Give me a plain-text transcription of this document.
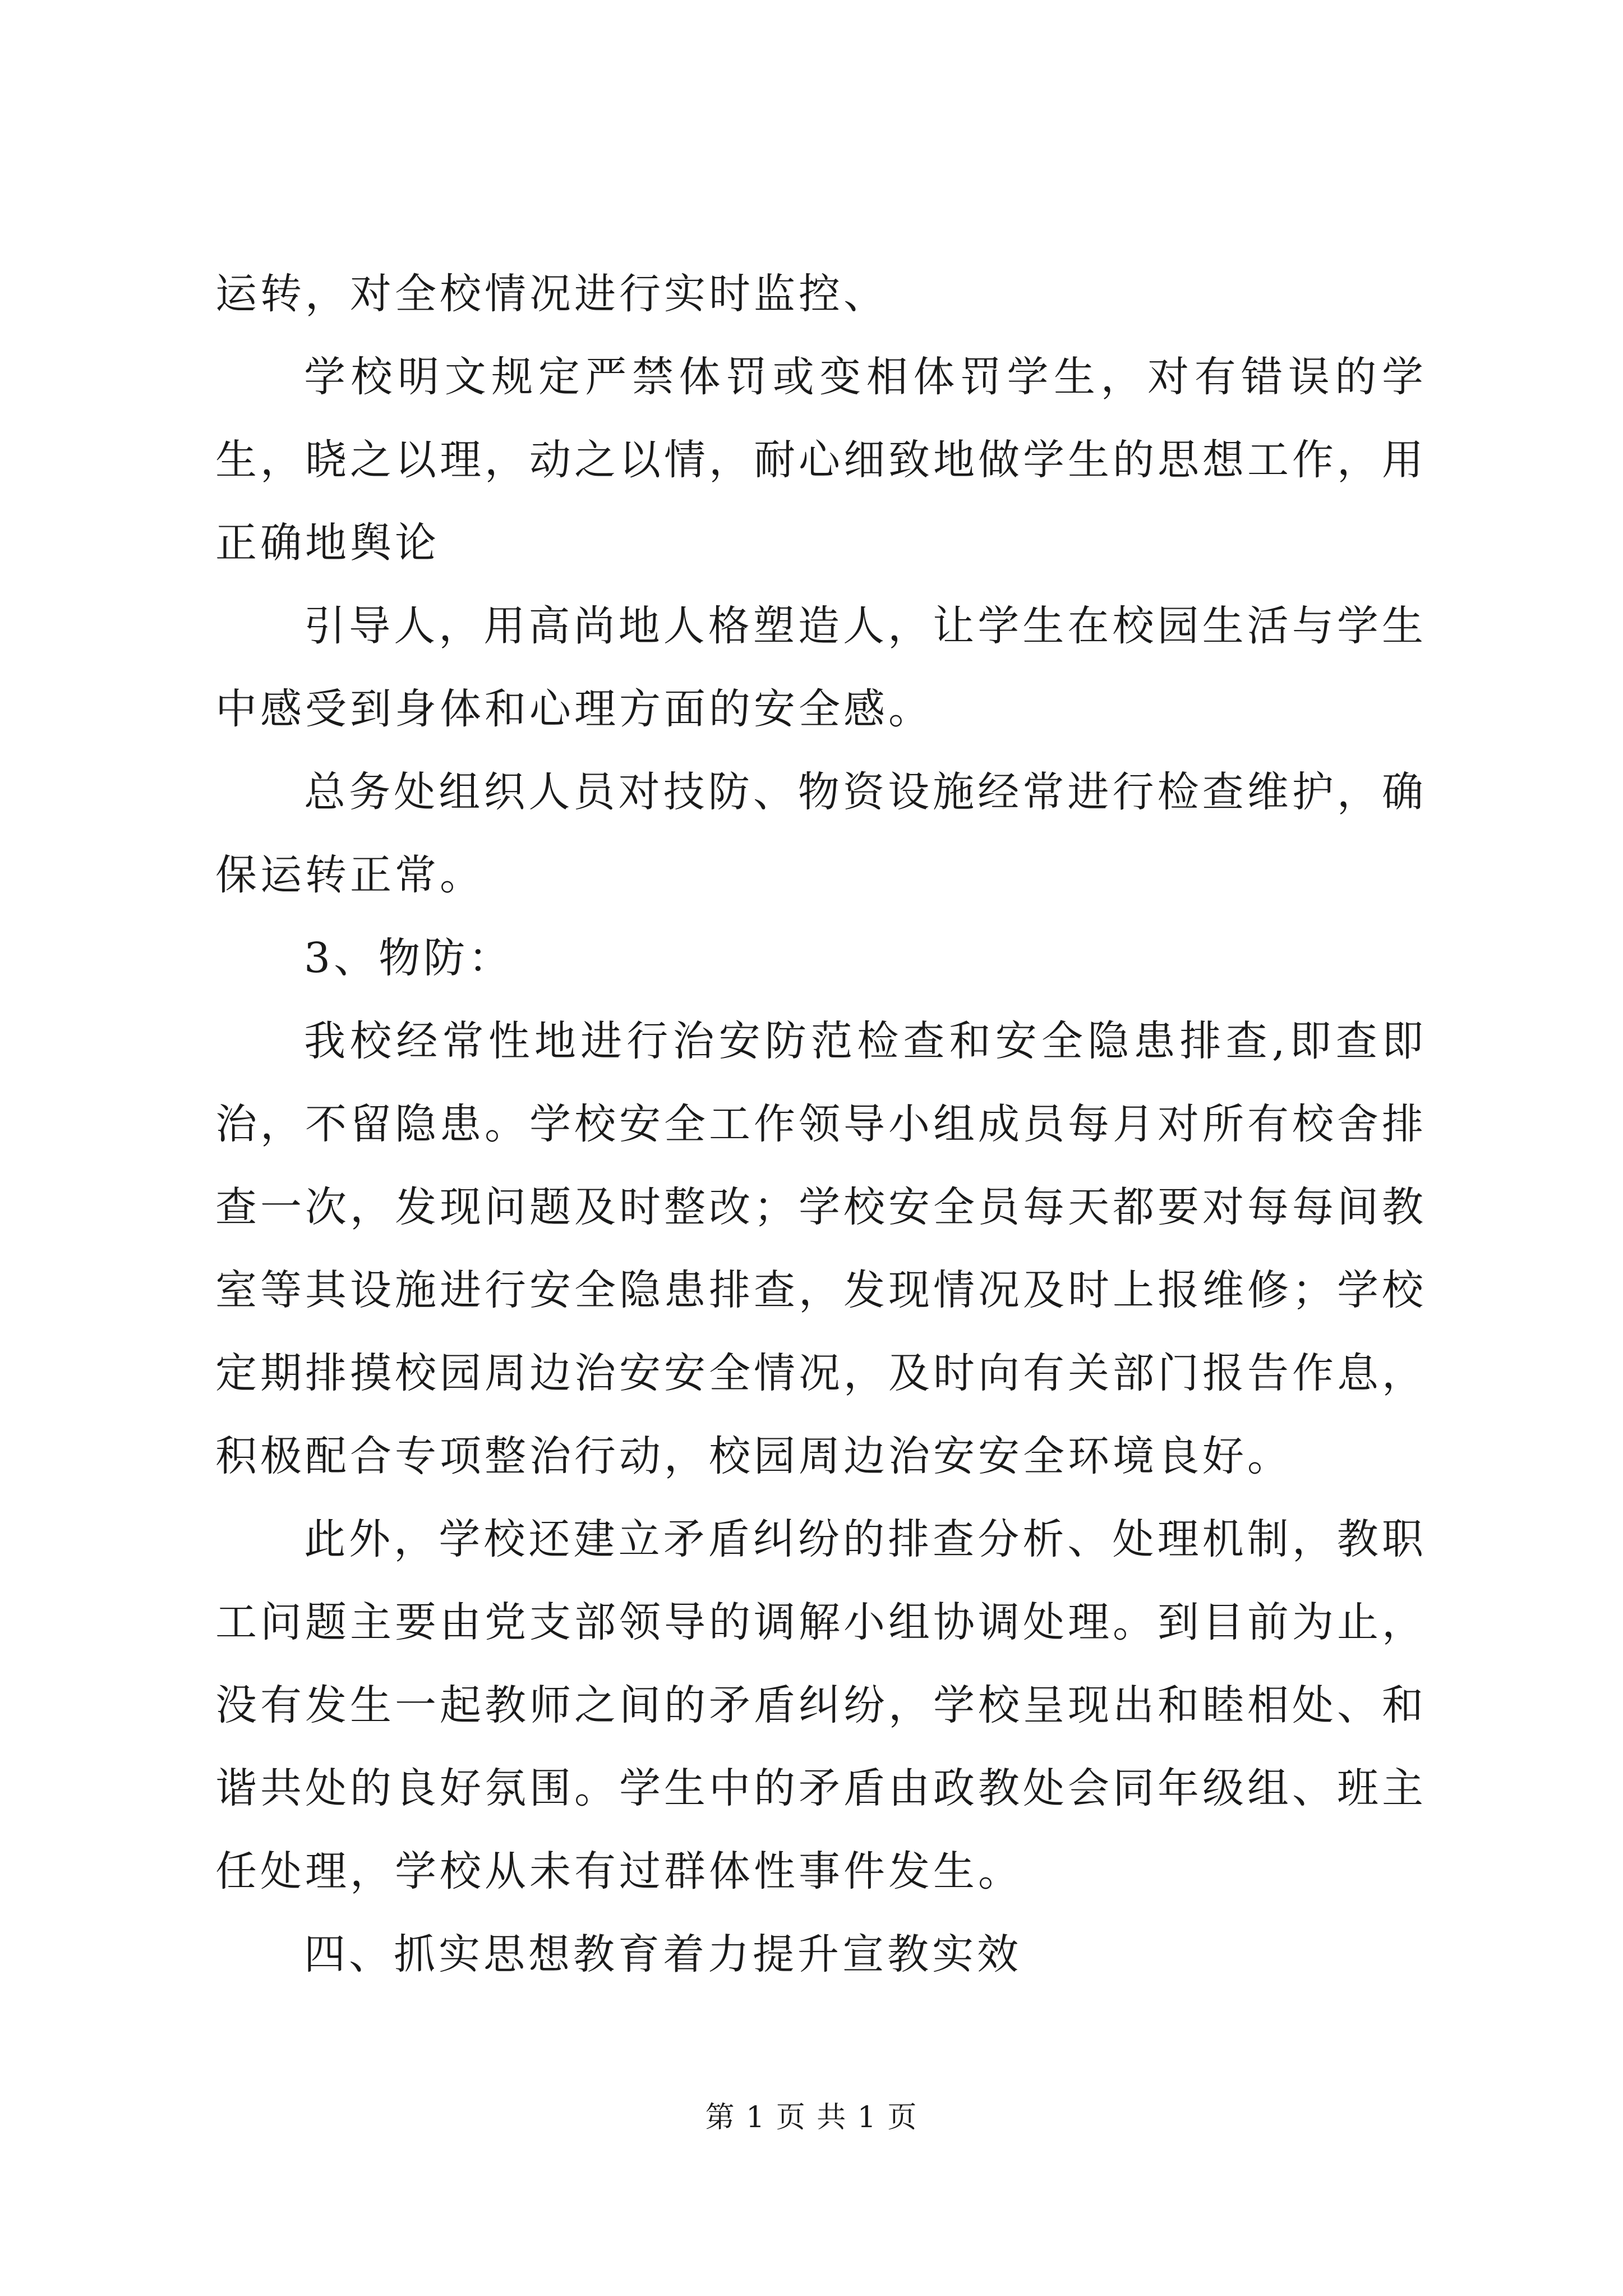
运转，对全校情况进行实时监控、

学校明文规定严禁体罚或变相体罚学生，对有错误的学生，晓之以理，动之以情，耐心细致地做学生的思想工作，用正确地舆论

引导人，用高尚地人格塑造人，让学生在校园生活与学生中感受到身体和心理方面的安全感。

总务处组织人员对技防、物资设施经常进行检查维护，确保运转正常。

3、物防：

我校经常性地进行治安防范检查和安全隐患排查,即查即治，不留隐患。学校安全工作领导小组成员每月对所有校舍排查一次，发现问题及时整改；学校安全员每天都要对每每间教室等其设施进行安全隐患排查，发现情况及时上报维修；学校定期排摸校园周边治安安全情况，及时向有关部门报告作息，积极配合专项整治行动，校园周边治安安全环境良好。

此外，学校还建立矛盾纠纷的排查分析、处理机制，教职工问题主要由党支部领导的调解小组协调处理。到目前为止，没有发生一起教师之间的矛盾纠纷，学校呈现出和睦相处、和谐共处的良好氛围。学生中的矛盾由政教处会同年级组、班主任处理，学校从未有过群体性事件发生。

四、抓实思想教育着力提升宣教实效

第 1 页 共 1 页
